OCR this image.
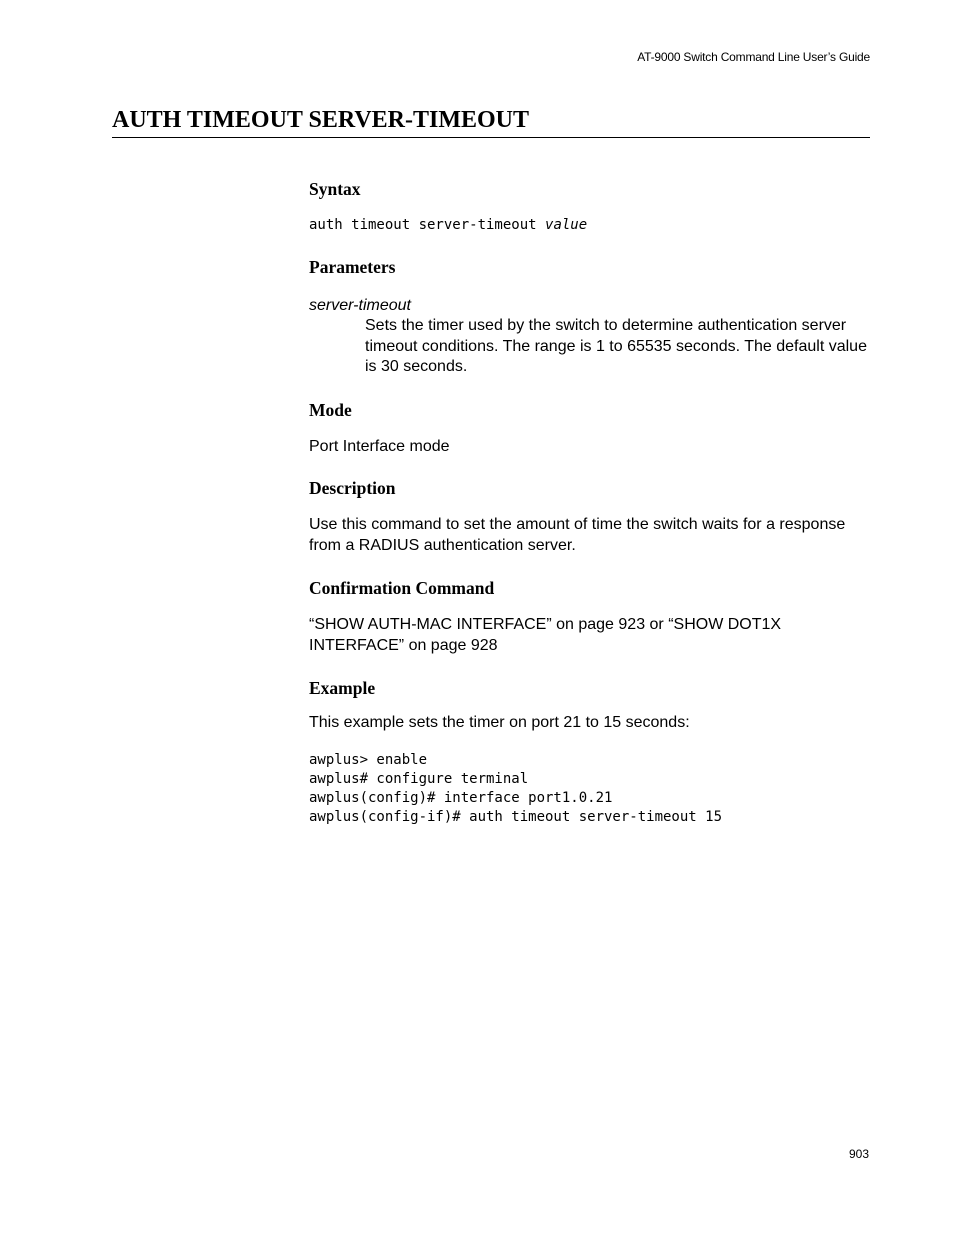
AT-9000 Switch Command Line User’s Guide
AUTH TIMEOUT SERVER-TIMEOUT
Syntax

auth timeout server-timeout value

Parameters

server-timeout

Sets the timer used by the switch to determine authentication server timeout conditions. The range is 1 to 65535 seconds. The default value is 30 seconds.

Mode

Port Interface mode

Description

Use this command to set the amount of time the switch waits for a response from a RADIUS authentication server.

Confirmation Command

“SHOW AUTH-MAC INTERFACE” on page 923 or “SHOW DOT1X INTERFACE” on page 928

Example

This example sets the timer on port 21 to 15 seconds:

awplus> enable

awplus# configure terminal

awplus(config)# interface port1.0.21

awplus(config-if)# auth timeout server-timeout 15

903
